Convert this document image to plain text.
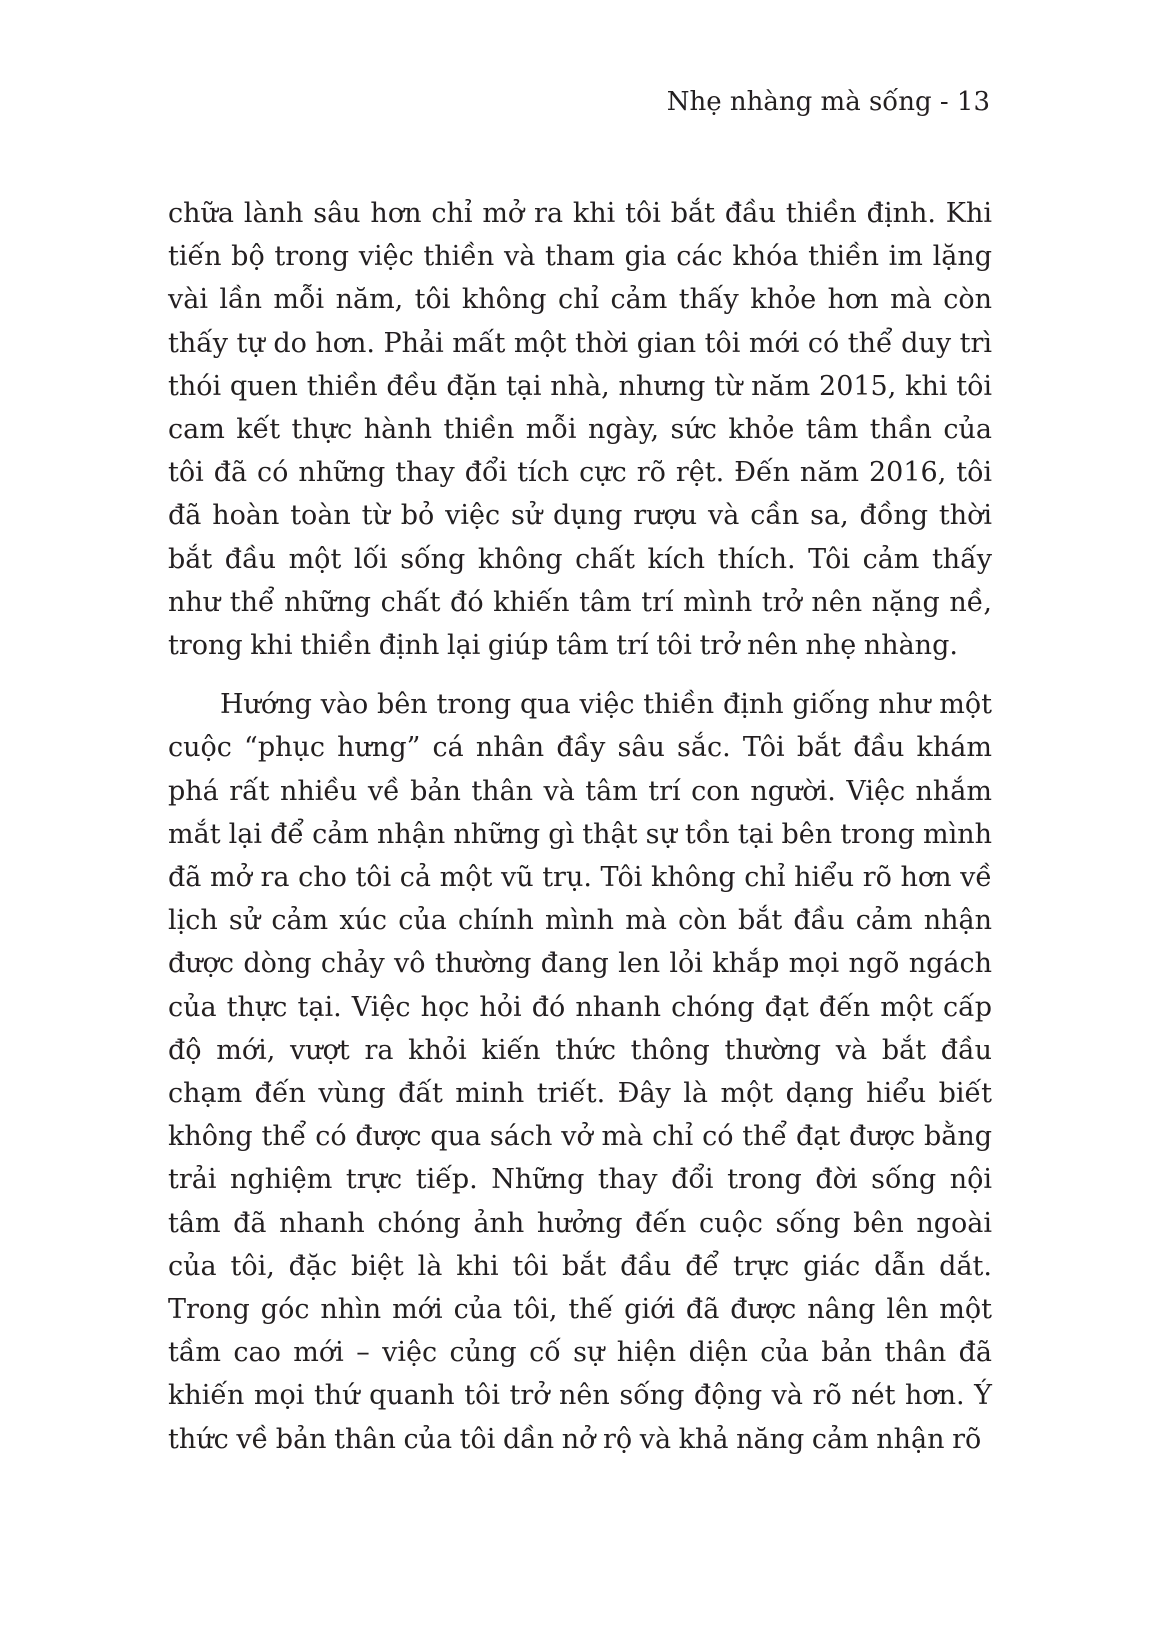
Nhẹ nhàng mà sống - 13

chữa lành sâu hơn chỉ mở ra khi tôi bắt đầu thiền định. Khi tiến bộ trong việc thiền và tham gia các khóa thiền im lặng vài lần mỗi năm, tôi không chỉ cảm thấy khỏe hơn mà còn thấy tự do hơn. Phải mất một thời gian tôi mới có thể duy trì thói quen thiền đều đặn tại nhà, nhưng từ năm 2015, khi tôi cam kết thực hành thiền mỗi ngày, sức khỏe tâm thần của tôi đã có những thay đổi tích cực rõ rệt. Đến năm 2016, tôi đã hoàn toàn từ bỏ việc sử dụng rượu và cần sa, đồng thời bắt đầu một lối sống không chất kích thích. Tôi cảm thấy như thể những chất đó khiến tâm trí mình trở nên nặng nề, trong khi thiền định lại giúp tâm trí tôi trở nên nhẹ nhàng.

Hướng vào bên trong qua việc thiền định giống như một cuộc “phục hưng” cá nhân đầy sâu sắc. Tôi bắt đầu khám phá rất nhiều về bản thân và tâm trí con người. Việc nhắm mắt lại để cảm nhận những gì thật sự tồn tại bên trong mình đã mở ra cho tôi cả một vũ trụ. Tôi không chỉ hiểu rõ hơn về lịch sử cảm xúc của chính mình mà còn bắt đầu cảm nhận được dòng chảy vô thường đang len lỏi khắp mọi ngõ ngách của thực tại. Việc học hỏi đó nhanh chóng đạt đến một cấp độ mới, vượt ra khỏi kiến thức thông thường và bắt đầu chạm đến vùng đất minh triết. Đây là một dạng hiểu biết không thể có được qua sách vở mà chỉ có thể đạt được bằng trải nghiệm trực tiếp. Những thay đổi trong đời sống nội tâm đã nhanh chóng ảnh hưởng đến cuộc sống bên ngoài của tôi, đặc biệt là khi tôi bắt đầu để trực giác dẫn dắt. Trong góc nhìn mới của tôi, thế giới đã được nâng lên một tầm cao mới – việc củng cố sự hiện diện của bản thân đã khiến mọi thứ quanh tôi trở nên sống động và rõ nét hơn. Ý thức về bản thân của tôi dần nở rộ và khả năng cảm nhận rõ
